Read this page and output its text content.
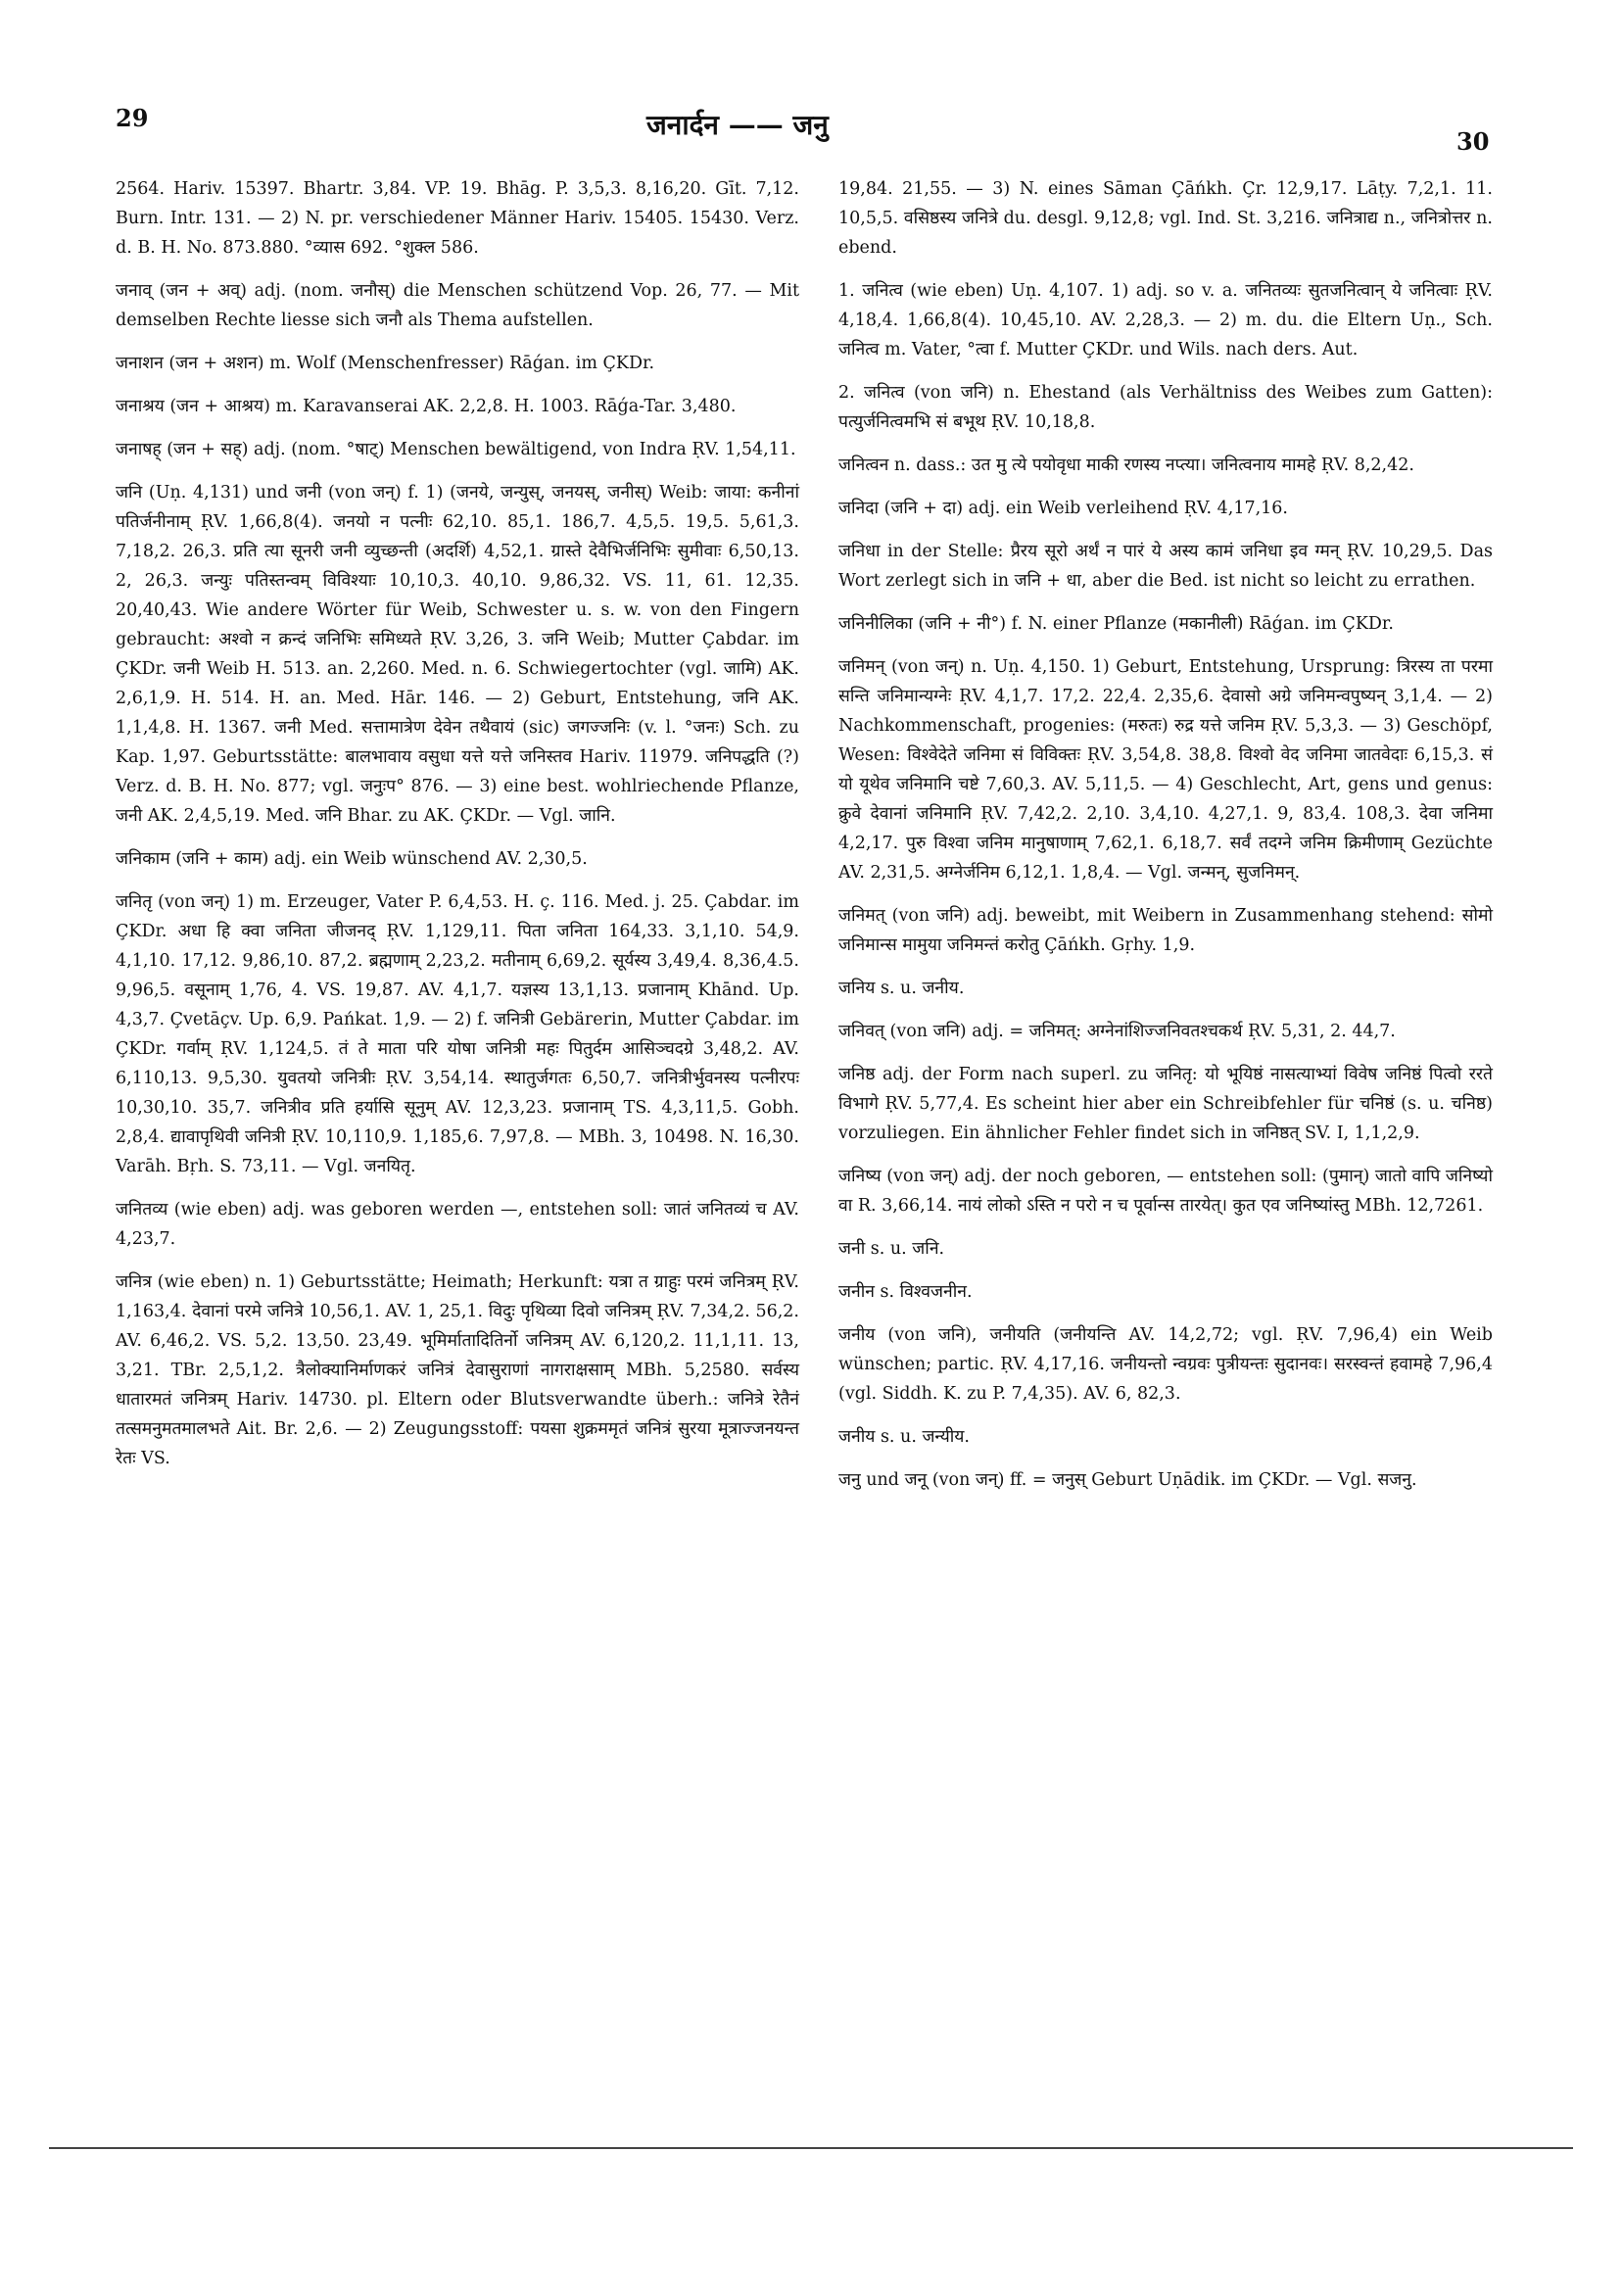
29	जनार्दन —— जनु
30

2564. Hariv. 15397. Bhartr. 3,84. VP. 19. Bhāg. P. 3,5,3. 8,16,20. Gīt. 7,12. Burn. Intr. 131. — 2) N. pr. verschiedener Männer Hariv. 15405. 15430. Verz. d. B. H. No. 873.880. °व्यास 692. °शुक्ल 586.

जनाव् (जन + अव्) adj. (nom. जनौस्) die Menschen schützend Vop. 26, 77. — Mit demselben Rechte liesse sich जनौ als Thema aufstellen.

जनाशन (जन + अशन) m. Wolf (Menschenfresser) Rāǵan. im ÇKDr.

जनाश्रय (जन + आश्रय) m. Karavanserai AK. 2,2,8. H. 1003. Rāǵa-Tar. 3,480.

जनाषह् (जन + सह्) adj. (nom. °षाट्) Menschen bewältigend, von Indra ṚV. 1,54,11.

जनि (Uṇ. 4,131) und जनी (von जन्) f. 1) (जनये, जन्युस्, जनयस्, जनीस्) Weib: जाया: कनीनां पतिर्जनीनाम् ṚV. 1,66,8(4). जनयो न पत्नीः 62,10. 85,1. 186,7. 4,5,5. 19,5. 5,61,3. 7,18,2. 26,3. प्रति त्या सूनरी जनी व्युच्छन्ती (अदर्शि) 4,52,1. ग्रास्ते देवैभिर्जनिभिः सुमीवाः 6,50,13. 2, 26,3. जन्युः पतिस्तन्वम् विविश्याः 10,10,3. 40,10. 9,86,32. VS. 11, 61. 12,35. 20,40,43. Wie andere Wörter für Weib, Schwester u. s. w. von den Fingern gebraucht: अश्वो न क्रन्दं जनिभिः समिध्यते ṚV. 3,26, 3. जनि Weib; Mutter Çabdar. im ÇKDr. जनी Weib H. 513. an. 2,260. Med. n. 6. Schwiegertochter (vgl. जामि) AK. 2,6,1,9. H. 514. H. an. Med. Hār. 146. — 2) Geburt, Entstehung, जनि AK. 1,1,4,8. H. 1367. जनी Med. सत्तामात्रेण देवेन तथैवायं (sic) जगज्जनिः (v. l. °जनः) Sch. zu Kap. 1,97. Geburtsstätte: बालभावाय वसुधा यत्ते यत्ते जनिस्तव Hariv. 11979. जनिपद्धति (?) Verz. d. B. H. No. 877; vgl. जनुःप° 876. — 3) eine best. wohlriechende Pflanze, जनी AK. 2,4,5,19. Med. जनि Bhar. zu AK. ÇKDr. — Vgl. जानि.

जनिकाम (जनि + काम) adj. ein Weib wünschend AV. 2,30,5.

जनितृ (von जन्) 1) m. Erzeuger, Vater P. 6,4,53. H. ç. 116. Med. j. 25. Çabdar. im ÇKDr. अधा हि क्वा जनिता जीजनद् ṚV. 1,129,11. पिता जनिता 164,33. 3,1,10. 54,9. 4,1,10. 17,12. 9,86,10. 87,2. ब्रह्मणाम् 2,23,2. मतीनाम् 6,69,2. सूर्यस्य 3,49,4. 8,36,4.5. 9,96,5. वसूनाम् 1,76, 4. VS. 19,87. AV. 4,1,7. यज्ञस्य 13,1,13. प्रजानाम् Khānd. Up. 4,3,7. Çvetāçv. Up. 6,9. Pańkat. 1,9. — 2) f. जनित्री Gebärerin, Mutter Çabdar. im ÇKDr. गर्वाम् ṚV. 1,124,5. तं ते माता परि योषा जनित्री महः पितुर्दम आसिञ्चदग्रे 3,48,2. AV. 6,110,13. 9,5,30. युवतयो जनित्रीः ṚV. 3,54,14. स्थातुर्जगतः 6,50,7. जनित्रीर्भुवनस्य पत्नीरपः 10,30,10. 35,7. जनित्रीव प्रति हर्यासि सूनुम् AV. 12,3,23. प्रजानाम् TS. 4,3,11,5. Gobh. 2,8,4. द्यावापृथिवी जनित्री ṚV. 10,110,9. 1,185,6. 7,97,8. — MBh. 3, 10498. N. 16,30. Varāh. Bṛh. S. 73,11. — Vgl. जनयितृ.

जनितव्य (wie eben) adj. was geboren werden —, entstehen soll: जातं जनितव्यं च AV. 4,23,7.

जनित्र (wie eben) n. 1) Geburtsstätte; Heimath; Herkunft: यत्रा त ग्राहुः परमं जनित्रम् ṚV. 1,163,4. देवानां परमे जनित्रे 10,56,1. AV. 1, 25,1. विदुः पृथिव्या दिवो जनित्रम् ṚV. 7,34,2. 56,2. AV. 6,46,2. VS. 5,2. 13,50. 23,49. भूमिर्मातादितिर्नो जनित्रम् AV. 6,120,2. 11,1,11. 13, 3,21. TBr. 2,5,1,2. त्रैलोक्यानिर्माणकरं जनित्रं देवासुराणां नागराक्षसाम् MBh. 5,2580. सर्वस्य धातारमतं जनित्रम् Hariv. 14730. pl. Eltern oder Blutsverwandte überh.: जनित्रे रेतैनं तत्समनुमतमालभते Ait. Br. 2,6. — 2) Zeugungsstoff: पयसा शुक्रममृतं जनित्रं सुरया मूत्राज्जनयन्त रेतः VS.

19,84. 21,55. — 3) N. eines Sāman Çāńkh. Çr. 12,9,17. Lāṭy. 7,2,1. 11. 10,5,5. वसिष्ठस्य जनित्रे du. desgl. 9,12,8; vgl. Ind. St. 3,216. जनित्राद्य n., जनित्रोत्तर n. ebend.

1. जनित्व (wie eben) Uṇ. 4,107. 1) adj. so v. a. जनितव्यः सुतजनित्वान् ये जनित्वाः ṚV. 4,18,4. 1,66,8(4). 10,45,10. AV. 2,28,3. — 2) m. du. die Eltern Uṇ., Sch. जनित्व m. Vater, °त्वा f. Mutter ÇKDr. und Wils. nach ders. Aut.

2. जनित्व (von जनि) n. Ehestand (als Verhältniss des Weibes zum Gatten): पत्युर्जनित्वमभि सं बभूथ ṚV. 10,18,8.

जनित्वन n. dass.: उत मु त्ये पयोवृधा माकी रणस्य नप्त्या। जनित्वनाय मामहे ṚV. 8,2,42.

जनिदा (जनि + दा) adj. ein Weib verleihend ṚV. 4,17,16.

जनिधा in der Stelle: प्रैरय सूरो अर्थं न पारं ये अस्य कामं जनिधा इव ग्मन् ṚV. 10,29,5. Das Wort zerlegt sich in जनि + धा, aber die Bed. ist nicht so leicht zu errathen.

जनिनीलिका (जनि + नी°) f. N. einer Pflanze (मकानीली) Rāǵan. im ÇKDr.

जनिमन् (von जन्) n. Uṇ. 4,150. 1) Geburt, Entstehung, Ursprung: त्रिरस्य ता परमा सन्ति जनिमान्यग्नेः ṚV. 4,1,7. 17,2. 22,4. 2,35,6. देवासो अग्रे जनिमन्वपुष्यन् 3,1,4. — 2) Nachkommenschaft, progenies: (मरुतः) रुद्र यत्ते जनिम ṚV. 5,3,3. — 3) Geschöpf, Wesen: विश्वेदेते जनिमा सं विविक्तः ṚV. 3,54,8. 38,8. विश्वो वेद जनिमा जातवेदाः 6,15,3. सं यो यूथेव जनिमानि चष्टे 7,60,3. AV. 5,11,5. — 4) Geschlecht, Art, gens und genus: क्रुवे देवानां जनिमानि ṚV. 7,42,2. 2,10. 3,4,10. 4,27,1. 9, 83,4. 108,3. देवा जनिमा 4,2,17. पुरु विश्वा जनिम मानुषाणाम् 7,62,1. 6,18,7. सर्वं तदग्ने जनिम क्रिमीणाम् Gezüchte AV. 2,31,5. अग्नेर्जनिम 6,12,1. 1,8,4. — Vgl. जन्मन्, सुजनिमन्.

जनिमत् (von जनि) adj. beweibt, mit Weibern in Zusammenhang stehend: सोमो जनिमान्स मामुया जनिमन्तं करोतु Çāńkh. Gṛhy. 1,9.

जनिय s. u. जनीय.

जनिवत् (von जनि) adj. = जनिमत्: अग्नेनांशिज्जनिवतश्चकर्थ ṚV. 5,31, 2. 44,7.

जनिष्ठ adj. der Form nach superl. zu जनितृ: यो भूयिष्ठं नासत्याभ्यां विवेष जनिष्ठं पित्वो ररते विभागे ṚV. 5,77,4. Es scheint hier aber ein Schreibfehler für चनिष्ठं (s. u. चनिष्ठ) vorzuliegen. Ein ähnlicher Fehler findet sich in जनिष्ठत् SV. I, 1,1,2,9.

जनिष्य (von जन्) adj. der noch geboren, — entstehen soll: (पुमान्) जातो वापि जनिष्यो वा R. 3,66,14. नायं लोको ऽस्ति न परो न च पूर्वान्स तारयेत्। कुत एव जनिष्यांस्तु MBh. 12,7261.

जनी s. u. जनि.

जनीन s. विश्वजनीन.

जनीय (von जनि), जनीयति (जनीयन्ति AV. 14,2,72; vgl. ṚV. 7,96,4) ein Weib wünschen; partic. ṚV. 4,17,16. जनीयन्तो न्वग्रवः पुत्रीयन्तः सुदानवः। सरस्वन्तं हवामहे 7,96,4 (vgl. Siddh. K. zu P. 7,4,35). AV. 6, 82,3.

जनीय s. u. जन्यीय.

जनु und जनू (von जन्) ff. = जनुस् Geburt Uṇādik. im ÇKDr. — Vgl. सजनु.
